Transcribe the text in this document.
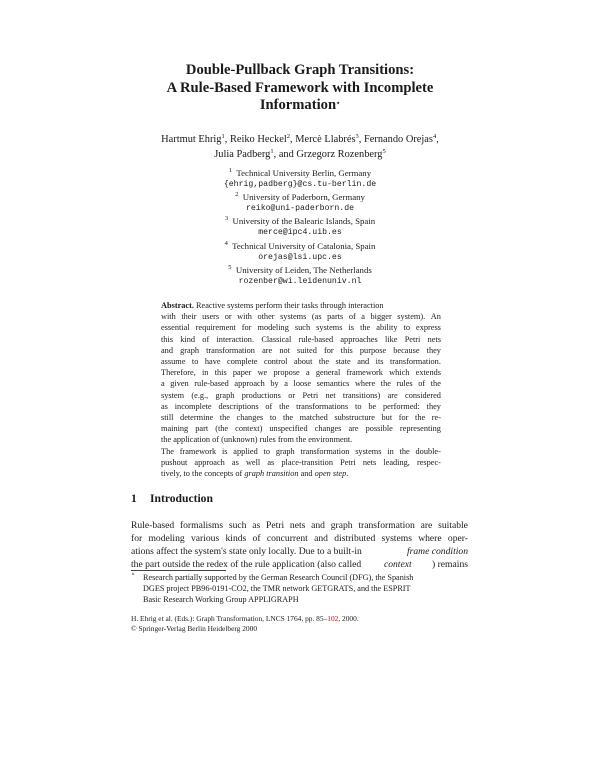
Double-Pullback Graph Transitions:
A Rule-Based Framework with Incomplete
Information⋆
Hartmut Ehrig$^1$, Reiko Heckel$^2$, Mercè Llabrés$^3$, Fernando Orejas$^4$,
Julia Padberg$^1$, and Grzegorz Rozenberg$^5$
$^1$ Technical University Berlin, Germany
{ehrig,padberg}@cs.tu-berlin.de
$^2$ University of Paderborn, Germany
reiko@uni-paderborn.de
$^3$ University of the Balearic Islands, Spain
merce@ipc4.uib.es
$^4$ Technical University of Catalonia, Spain
orejas@lsi.upc.es
$^5$ University of Leiden, The Netherlands
rozenber@wi.leidenuniv.nl
Abstract. Reactive systems perform their tasks through interaction
with their users or with other systems (as parts of a bigger system). An
essential requirement for modeling such systems is the ability to express
this kind of interaction. Classical rule-based approaches like Petri nets
and graph transformation are not suited for this purpose because they
assume to have complete control about the state and its transformation.
Therefore, in this paper we propose a general framework which extends
a given rule-based approach by a loose semantics where the rules of the
system (e.g., graph productions or Petri net transitions) are considered
as incomplete descriptions of the transformations to be performed: they
still determine the changes to the matched substructure but for the re-
maining part (the context) unspecified changes are possible representing
the application of (unknown) rules from the environment.
The framework is applied to graph transformation systems in the double-
pushout approach as well as place-transition Petri nets leading, respec-
tively, to the concepts of graph transition and open step .
1 Introduction
Rule-based formalisms such as Petri nets and graph transformation are suitable
for modeling various kinds of concurrent and distributed systems where oper-
ations affect the system's state only locally. Due to a built-in	frame condition
the part outside the redex of the rule application (also called context ) remains
⋆ Research partially supported by the German Research Council (DFG), the Spanish
DGES project PB96-0191-CO2, the TMR network GETGRATS, and the ESPRIT
Basic Research Working Group APPLIGRAPH
H. Ehrig et al. (Eds.): Graph Transformation, LNCS 1764, pp. 85–102, 2000.
© Springer-Verlag Berlin Heidelberg 2000
